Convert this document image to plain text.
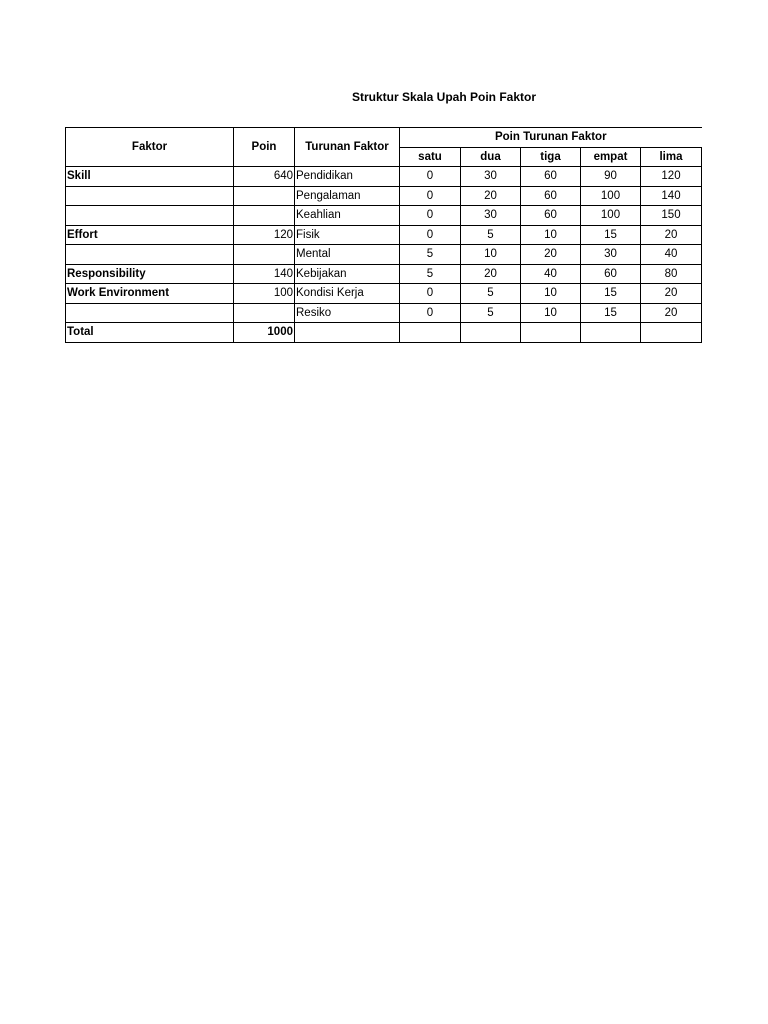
Struktur Skala Upah Poin Faktor
Faktor	Poin	Turunan Faktor	Poin Turunan Faktor				
			satu	dua	tiga	empat	lima
Skill	640	Pendidikan	0	30	60	90	120
		Pengalaman	0	20	60	100	140
		Keahlian	0	30	60	100	150
Effort	120	Fisik	0	5	10	15	20
		Mental	5	10	20	30	40
Responsibility	140	Kebijakan	5	20	40	60	80
Work Environment	100	Kondisi Kerja	0	5	10	15	20
		Resiko	0	5	10	15	20
Total	1000						
